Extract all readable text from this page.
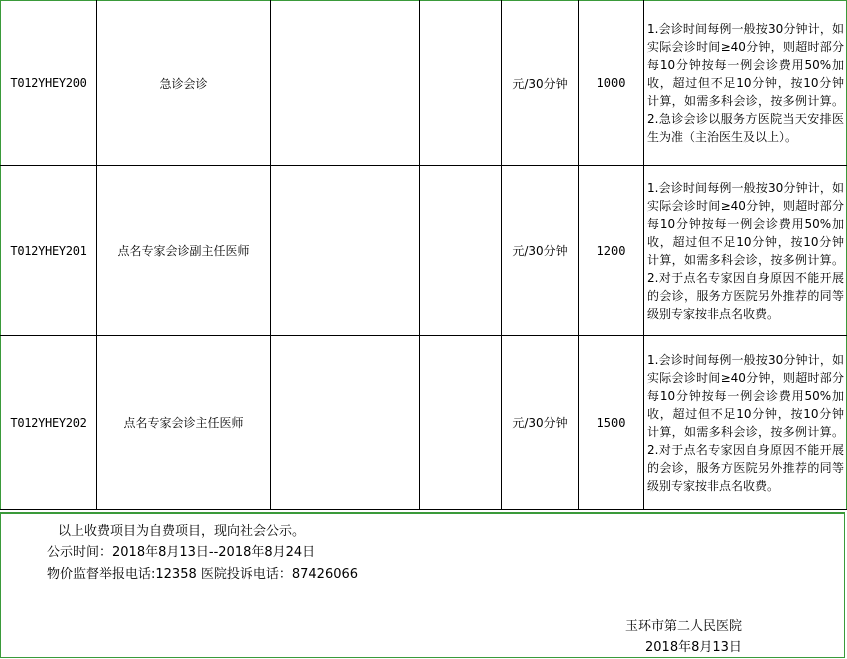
T012YHEY200	急诊会诊			元/30分钟	1000	1.会诊时间每例一般按30分钟计，如实际会诊时间≥40分钟，则超时部分每10分钟按每一例会诊费用50%加收，超过但不足10分钟，按10分钟计算，如需多科会诊，按多例计算。2.急诊会诊以服务方医院当天安排医生为准（主治医生及以上）。
T012YHEY201	点名专家会诊副主任医师			元/30分钟	1200	1.会诊时间每例一般按30分钟计，如实际会诊时间≥40分钟，则超时部分每10分钟按每一例会诊费用50%加收，超过但不足10分钟，按10分钟计算，如需多科会诊，按多例计算。2.对于点名专家因自身原因不能开展的会诊，服务方医院另外推荐的同等级别专家按非点名收费。
T012YHEY202	点名专家会诊主任医师			元/30分钟	1500	1.会诊时间每例一般按30分钟计，如实际会诊时间≥40分钟，则超时部分每10分钟按每一例会诊费用50%加收，超过但不足10分钟，按10分钟计算，如需多科会诊，按多例计算。2.对于点名专家因自身原因不能开展的会诊，服务方医院另外推荐的同等级别专家按非点名收费。
以上收费项目为自费项目，现向社会公示。
公示时间：2018年8月13日--2018年8月24日
物价监督举报电话:12358 医院投诉电话：87426066
玉环市第二人民医院
2018年8月13日
